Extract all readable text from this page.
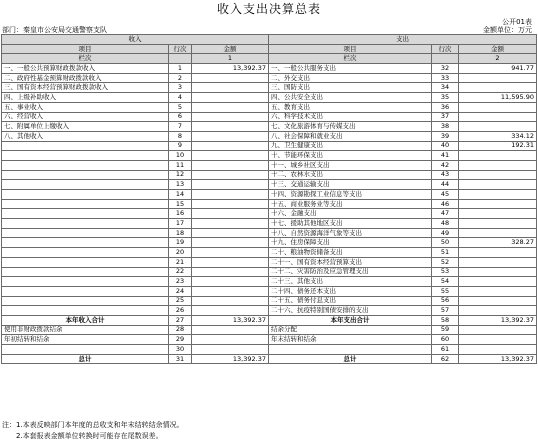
收入支出决算总表
公开01表
部门：秦皇市公安局交通警察支队	金额单位：万元
收入			支出		
项目	行次	金额	项目	行次	金额
栏次		1	栏次		2
一、一般公共预算财政拨款收入	1	13,392.37	一、一般公共服务支出	32	941.77
二、政府性基金预算财政拨款收入	2		二、外交支出	33	
三、国有资本经营预算财政拨款收入	3		三、国防支出	34	
四、上级补助收入	4		四、公共安全支出	35	11,595.90
五、事业收入	5		五、教育支出	36	
六、经营收入	6		六、科学技术支出	37	
七、附属单位上缴收入	7		七、文化旅游体育与传媒支出	38	
八、其他收入	8		八、社会保障和就业支出	39	334.12
	9		九、卫生健康支出	40	192.31
	10		十、节能环保支出	41	
	11		十一、城乡社区支出	42	
	12		十二、农林水支出	43	
	13		十三、交通运输支出	44	
	14		十四、资源勘探工业信息等支出	45	
	15		十五、商业服务业等支出	46	
	16		十六、金融支出	47	
	17		十七、援助其他地区支出	48	
	18		十八、自然资源海洋气象等支出	49	
	19		十九、住房保障支出	50	328.27
	20		二十、粮油物资储备支出	51	
	21		二十一、国有资本经营预算支出	52	
	22		二十二、灾害防治及应急管理支出	53	
	23		二十三、其他支出	54	
	24		二十四、债务还本支出	55	
	25		二十五、债务付息支出	56	
	26		二十六、抗疫特别国债安排的支出	57	
本年收入合计	27	13,392.37	本年支出合计	58	13,392.37
使用非财政拨款结余	28		结余分配	59	
年初结转和结余	29		年末结转和结余	60	
	30			61	
总计	31	13,392.37	总计	62	13,392.37
注：1.本表反映部门本年度的总收支和年末结转结余情况。
　　2.本套报表金额单位转换时可能存在尾数误差。
